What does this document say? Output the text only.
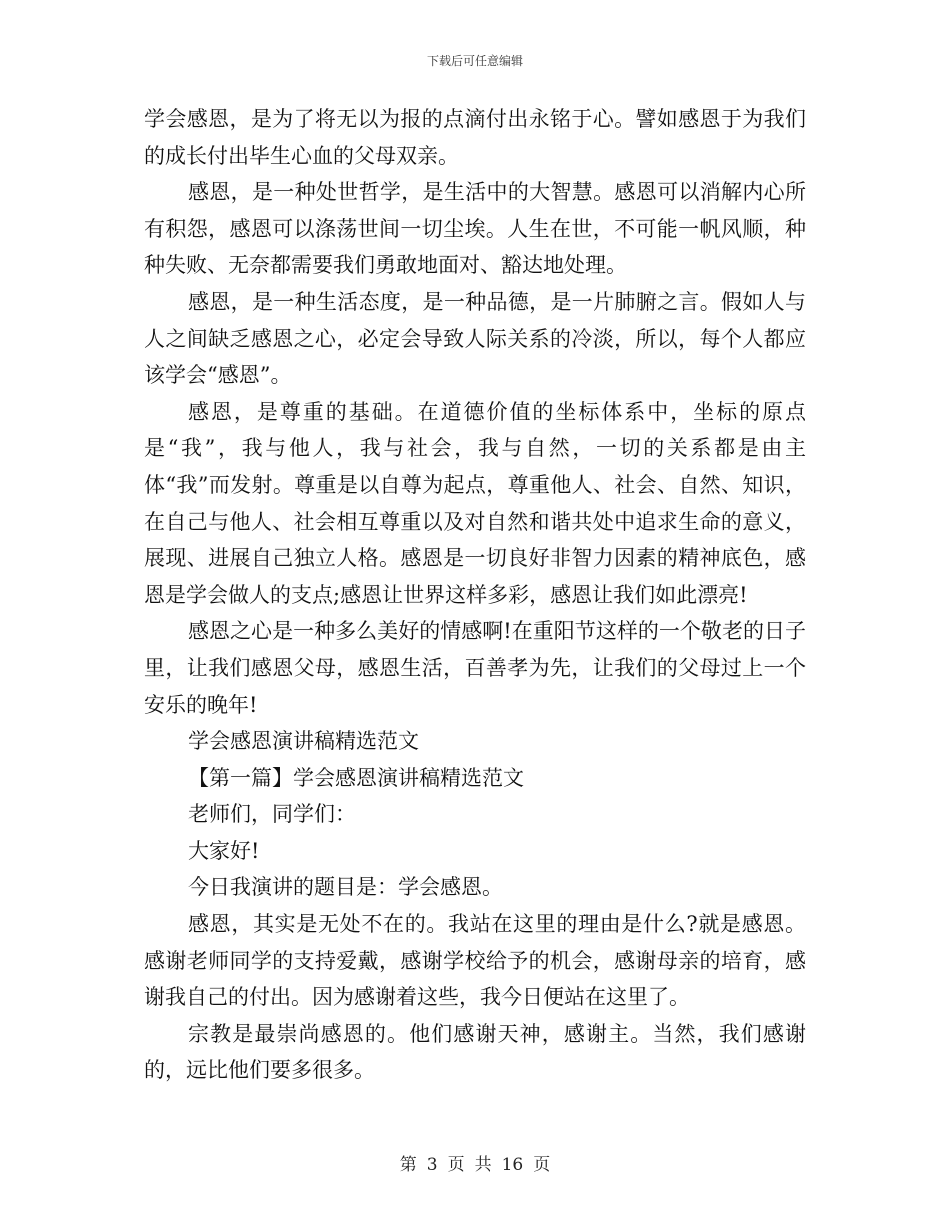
下载后可任意编辑

学会感恩，是为了将无以为报的点滴付出永铭于心。譬如感恩于为我们的成长付出毕生心血的父母双亲。

感恩，是一种处世哲学，是生活中的大智慧。感恩可以消解内心所有积怨，感恩可以涤荡世间一切尘埃。人生在世，不可能一帆风顺，种种失败、无奈都需要我们勇敢地面对、豁达地处理。

感恩，是一种生活态度，是一种品德，是一片肺腑之言。假如人与人之间缺乏感恩之心，必定会导致人际关系的冷淡，所以，每个人都应该学会“感恩”。

感恩，是尊重的基础。在道德价值的坐标体系中，坐标的原点是“我”，我与他人，我与社会，我与自然，一切的关系都是由主体“我”而发射。尊重是以自尊为起点，尊重他人、社会、自然、知识，在自己与他人、社会相互尊重以及对自然和谐共处中追求生命的意义，展现、进展自己独立人格。感恩是一切良好非智力因素的精神底色，感恩是学会做人的支点;感恩让世界这样多彩，感恩让我们如此漂亮!

感恩之心是一种多么美好的情感啊!在重阳节这样的一个敬老的日子里，让我们感恩父母，感恩生活，百善孝为先，让我们的父母过上一个安乐的晚年!

学会感恩演讲稿精选范文

【第一篇】学会感恩演讲稿精选范文

老师们，同学们：

大家好!

今日我演讲的题目是：学会感恩。

感恩，其实是无处不在的。我站在这里的理由是什么?就是感恩。感谢老师同学的支持爱戴，感谢学校给予的机会，感谢母亲的培育，感谢我自己的付出。因为感谢着这些，我今日便站在这里了。

宗教是最崇尚感恩的。他们感谢天神，感谢主。当然，我们感谢的，远比他们要多很多。

第 3 页 共 16 页
